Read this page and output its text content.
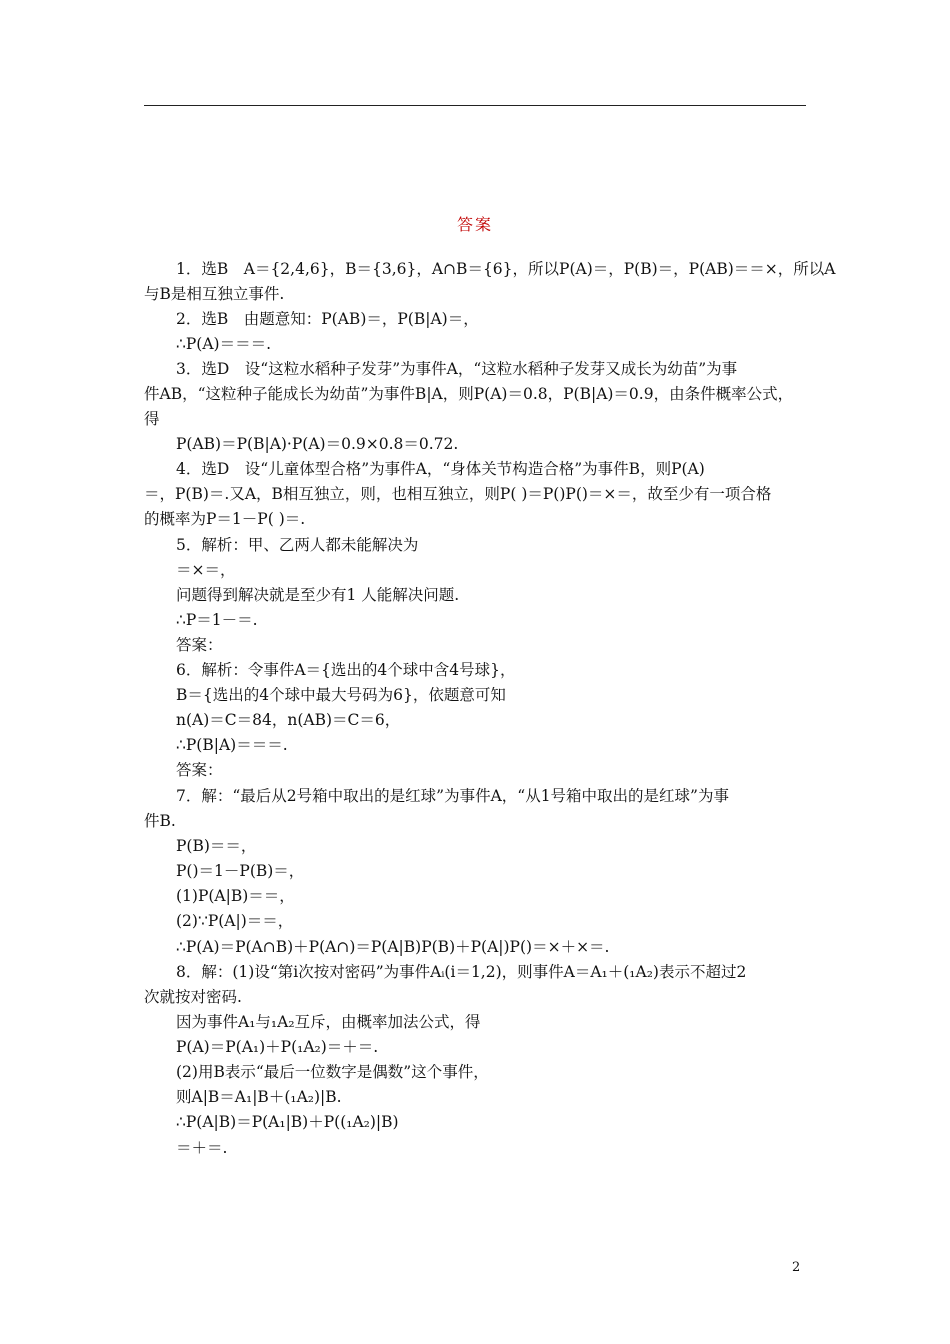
答案
1．选B　A＝{2,4,6}，B＝{3,6}，A∩B＝{6}，所以P(A)＝，P(B)＝，P(AB)＝＝×，所以A
与B是相互独立事件.
2．选B　由题意知：P(AB)＝，P(B|A)＝，
∴P(A)＝＝＝.
3．选D　设“这粒水稻种子发芽”为事件A，“这粒水稻种子发芽又成长为幼苗”为事
件AB，“这粒种子能成长为幼苗”为事件B|A，则P(A)＝0.8，P(B|A)＝0.9，由条件概率公式，
得
P(AB)＝P(B|A)·P(A)＝0.9×0.8＝0.72.
4．选D　设“儿童体型合格”为事件A，“身体关节构造合格”为事件B，则P(A)
＝，P(B)＝.又A，B相互独立，则，也相互独立，则P( )＝P()P()＝×＝，故至少有一项合格
的概率为P＝1－P( )＝.
5．解析：甲、乙两人都未能解决为
＝×＝，
问题得到解决就是至少有1 人能解决问题.
∴P＝1－＝.
答案：
6．解析：令事件A＝{选出的4个球中含4号球}，
B＝{选出的4个球中最大号码为6}，依题意可知
n(A)＝C＝84，n(AB)＝C＝6，
∴P(B|A)＝＝＝.
答案：
7．解：“最后从2号箱中取出的是红球”为事件A，“从1号箱中取出的是红球”为事
件B.
P(B)＝＝，
P()＝1－P(B)＝，
(1)P(A|B)＝＝，
(2)∵P(A|)＝＝，
∴P(A)＝P(A∩B)＋P(A∩)＝P(A|B)P(B)＋P(A|)P()＝×＋×＝.
8．解：(1)设“第i次按对密码”为事件Aᵢ(i＝1,2)，则事件A＝A₁＋(₁A₂)表示不超过2
次就按对密码.
因为事件A₁与₁A₂互斥，由概率加法公式，得
P(A)＝P(A₁)＋P(₁A₂)＝＋＝.
(2)用B表示“最后一位数字是偶数”这个事件，
则A|B＝A₁|B＋(₁A₂)|B.
∴P(A|B)＝P(A₁|B)＋P((₁A₂)|B)
＝＋＝.
2
